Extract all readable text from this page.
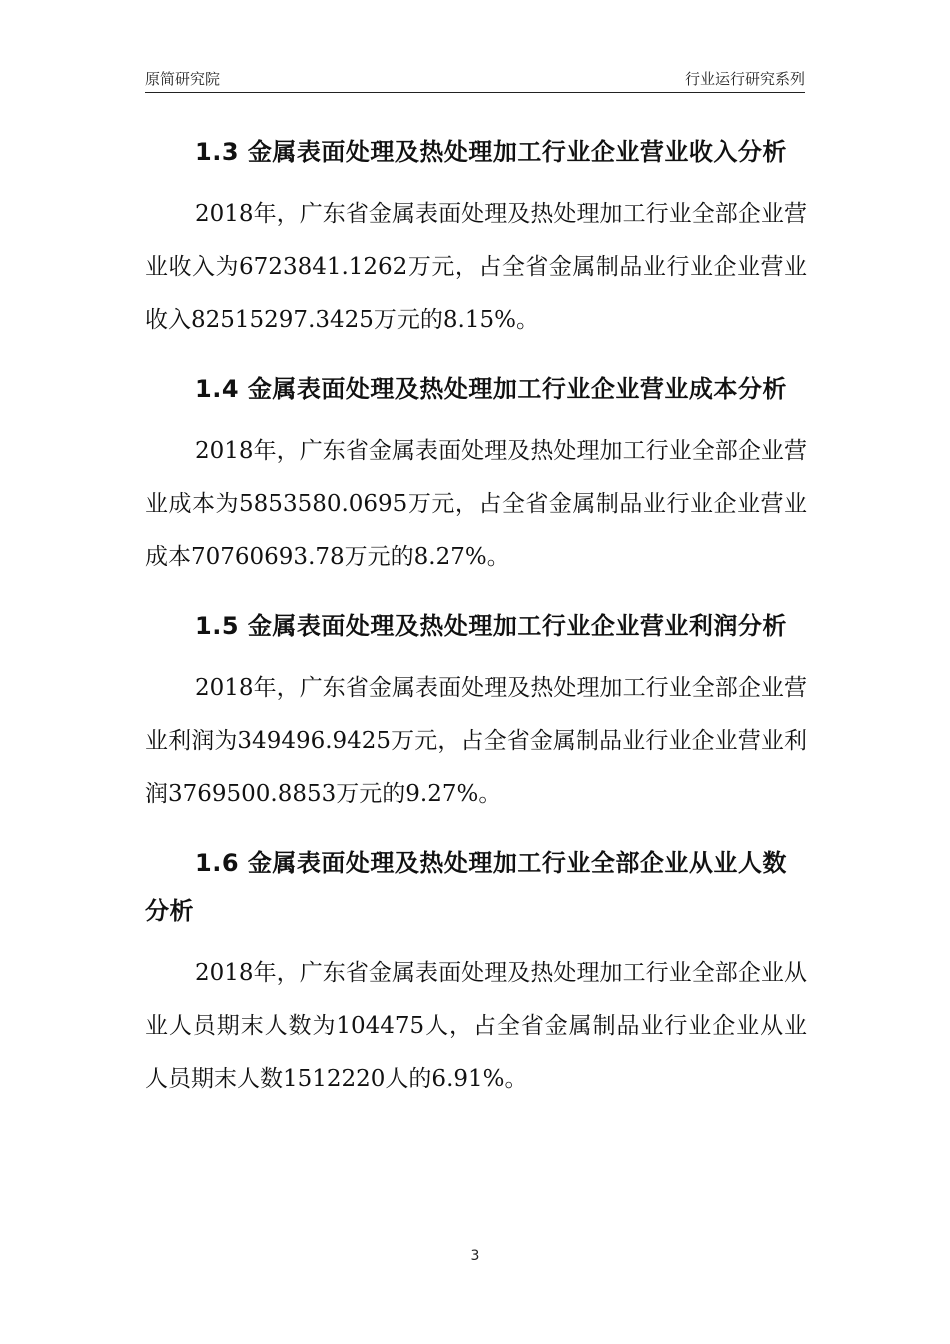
原简研究院	行业运行研究系列

1.3 金属表面处理及热处理加工行业企业营业收入分析

2018年，广东省金属表面处理及热处理加工行业全部企业营业收入为6723841.1262万元，占全省金属制品业行业企业营业收入82515297.3425万元的8.15%。

1.4 金属表面处理及热处理加工行业企业营业成本分析

2018年，广东省金属表面处理及热处理加工行业全部企业营业成本为5853580.0695万元，占全省金属制品业行业企业营业成本70760693.78万元的8.27%。

1.5 金属表面处理及热处理加工行业企业营业利润分析

2018年，广东省金属表面处理及热处理加工行业全部企业营业利润为349496.9425万元，占全省金属制品业行业企业营业利润3769500.8853万元的9.27%。

1.6 金属表面处理及热处理加工行业全部企业从业人数分析

2018年，广东省金属表面处理及热处理加工行业全部企业从业人员期末人数为104475人，占全省金属制品业行业企业从业人员期末人数1512220人的6.91%。

3
